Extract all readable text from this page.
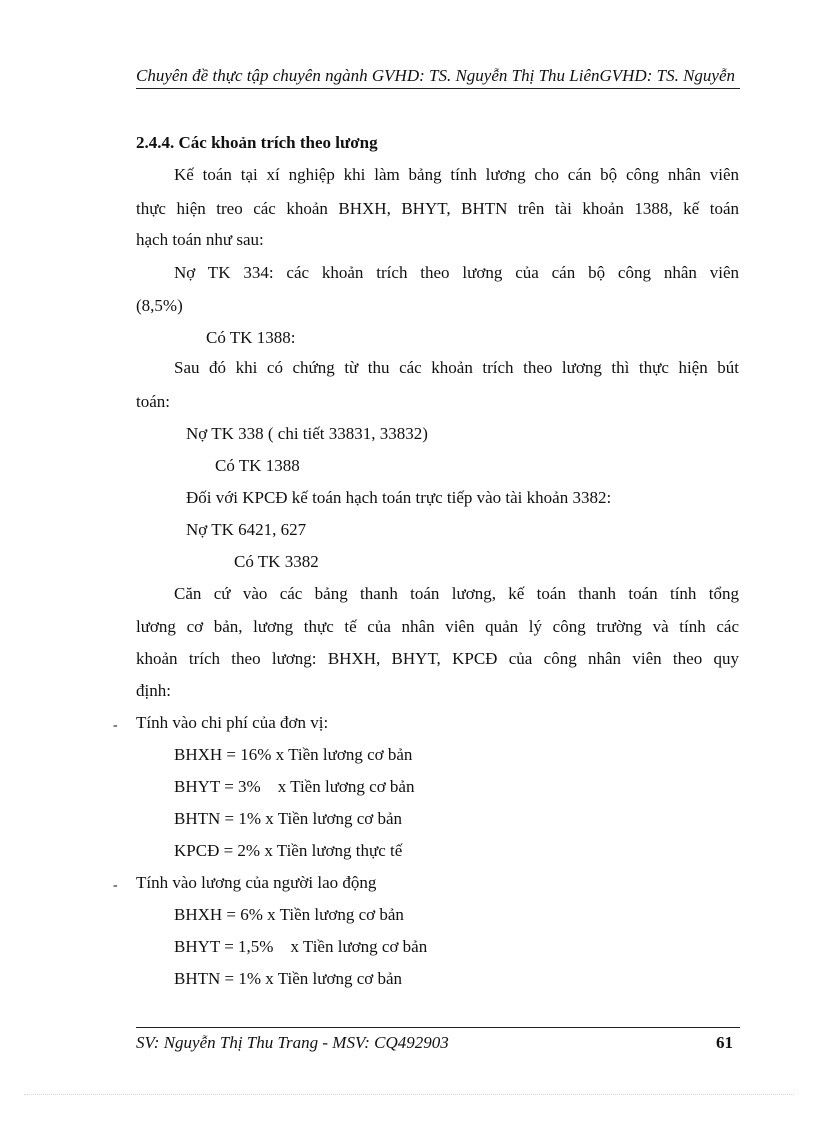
Chuyên đề thực tập chuyên ngành GVHD: TS. Nguyễn Thị Thu LiênGVHD: TS. Nguyễn
2.4.4. Các khoản trích theo lương
Kế toán tại xí nghiệp khi làm bảng tính lương cho cán bộ công nhân viên
thực hiện treo các khoản BHXH, BHYT, BHTN trên tài khoản 1388, kế toán
hạch toán như sau:
Nợ TK 334: các khoản trích theo lương của cán bộ công nhân viên
(8,5%)
Có TK 1388:
Sau đó khi có chứng từ thu các khoản trích theo lương thì thực hiện bút
toán:
Nợ TK 338 ( chi tiết 33831, 33832)
Có TK 1388
Đối với KPCĐ kế toán hạch toán trực tiếp vào tài khoản 3382:
Nợ TK 6421, 627
Có TK 3382
Căn cứ vào các bảng thanh toán lương, kế toán thanh toán tính tổng
lương cơ bản, lương thực tế của nhân viên quản lý công trường và tính các
khoản trích theo lương: BHXH, BHYT, KPCĐ của công nhân viên theo quy
định:
- Tính vào chi phí của đơn vị:
BHXH = 16% x Tiền lương cơ bản
BHYT = 3%    x Tiền lương cơ bản
BHTN = 1% x Tiền lương cơ bản
KPCĐ = 2% x Tiền lương thực tế
- Tính vào lương của người lao động
BHXH = 6% x Tiền lương cơ bản
BHYT = 1,5%    x Tiền lương cơ bản
BHTN = 1% x Tiền lương cơ bản
SV: Nguyễn Thị Thu Trang - MSV: CQ492903	61
